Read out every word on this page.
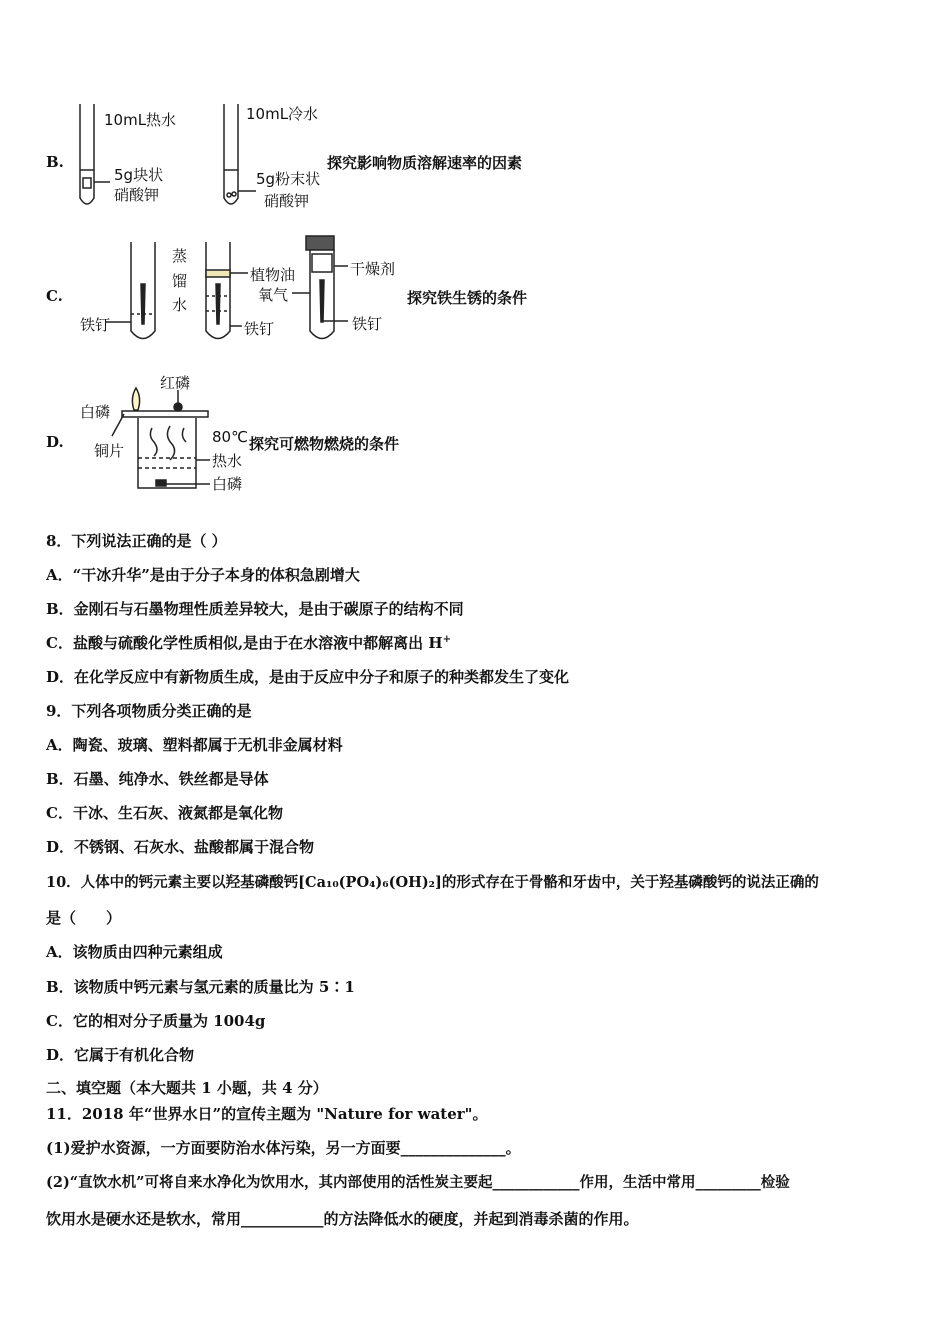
B.
10mL热水
5g块状
硝酸钾
10mL冷水
5g粉末状
硝酸钾
探究影响物质溶解速率的因素
C.
铁钉
蒸
馏
水
植物油
铁钉
干燥剂
氧气
铁钉
探究铁生锈的条件
D.
红磷
白磷
铜片
80℃
热水
白磷
探究可燃物燃烧的条件
8．下列说法正确的是（ ）
A．“干冰升华”是由于分子本身的体积急剧增大
B．金刚石与石墨物理性质差异较大，是由于碳原子的结构不同
C．盐酸与硫酸化学性质相似,是由于在水溶液中都解离出 H+
D．在化学反应中有新物质生成，是由于反应中分子和原子的种类都发生了变化
9．下列各项物质分类正确的是
A．陶瓷、玻璃、塑料都属于无机非金属材料
B．石墨、纯净水、铁丝都是导体
C．干冰、生石灰、液氮都是氧化物
D．不锈钢、石灰水、盐酸都属于混合物
10．人体中的钙元素主要以羟基磷酸钙[Ca₁₀(PO₄)₆(OH)₂]的形式存在于骨骼和牙齿中，关于羟基磷酸钙的说法正确的
是（　　）
A．该物质由四种元素组成
B．该物质中钙元素与氢元素的质量比为 5∶1
C．它的相对分子质量为 1004g
D．它属于有机化合物
二、填空题（本大题共 1 小题，共 4 分）
11．2018 年“世界水日”的宣传主题为 "Nature for water"。
(1)爱护水资源，一方面要防治水体污染，另一方面要______________。
(2)“直饮水机”可将自来水净化为饮用水，其内部使用的活性炭主要起____________作用，生活中常用_________检验
饮用水是硬水还是软水，常用___________的方法降低水的硬度，并起到消毒杀菌的作用。
